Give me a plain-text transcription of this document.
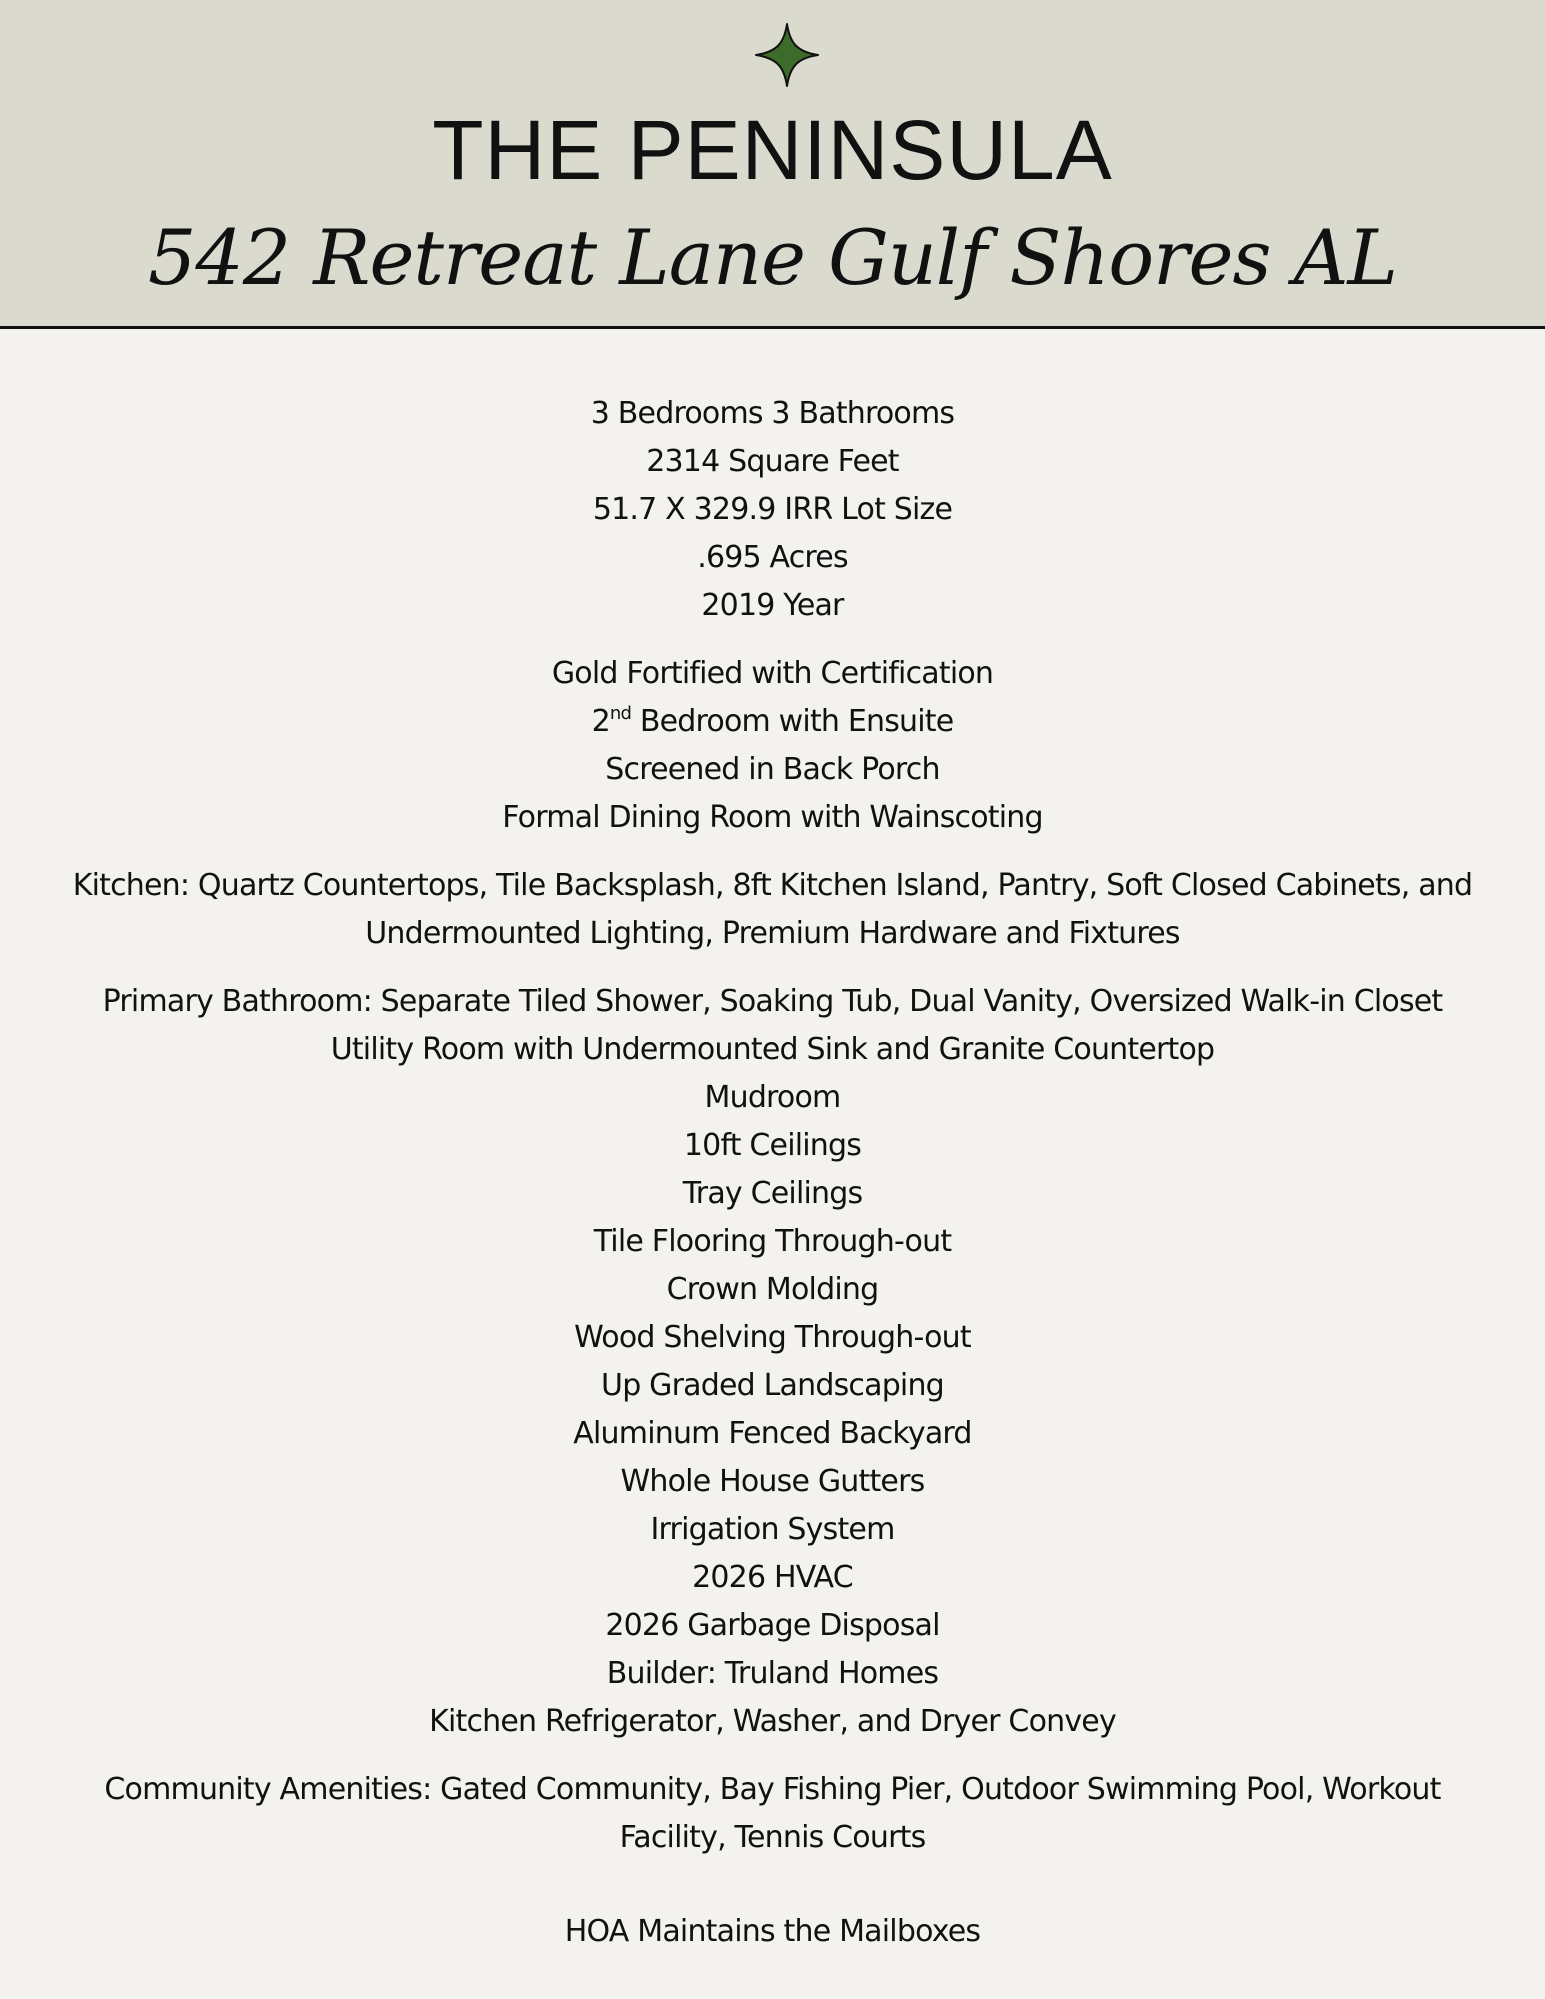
THE PENINSULA
542 Retreat Lane Gulf Shores AL
3 Bedrooms 3 Bathrooms
2314 Square Feet
51.7 X 329.9 IRR Lot Size
.695 Acres
2019 Year
Gold Fortified with Certification
2nd Bedroom with Ensuite
Screened in Back Porch
Formal Dining Room with Wainscoting
Kitchen: Quartz Countertops, Tile Backsplash, 8ft Kitchen Island, Pantry, Soft Closed Cabinets, and Undermounted Lighting, Premium Hardware and Fixtures
Primary Bathroom: Separate Tiled Shower, Soaking Tub, Dual Vanity, Oversized Walk-in Closet
Utility Room with Undermounted Sink and Granite Countertop
Mudroom
10ft Ceilings
Tray Ceilings
Tile Flooring Through-out
Crown Molding
Wood Shelving Through-out
Up Graded Landscaping
Aluminum Fenced Backyard
Whole House Gutters
Irrigation System
2026 HVAC
2026 Garbage Disposal
Builder: Truland Homes
Kitchen Refrigerator, Washer, and Dryer Convey
Community Amenities: Gated Community, Bay Fishing Pier, Outdoor Swimming Pool, Workout Facility, Tennis Courts
HOA Maintains the Mailboxes
